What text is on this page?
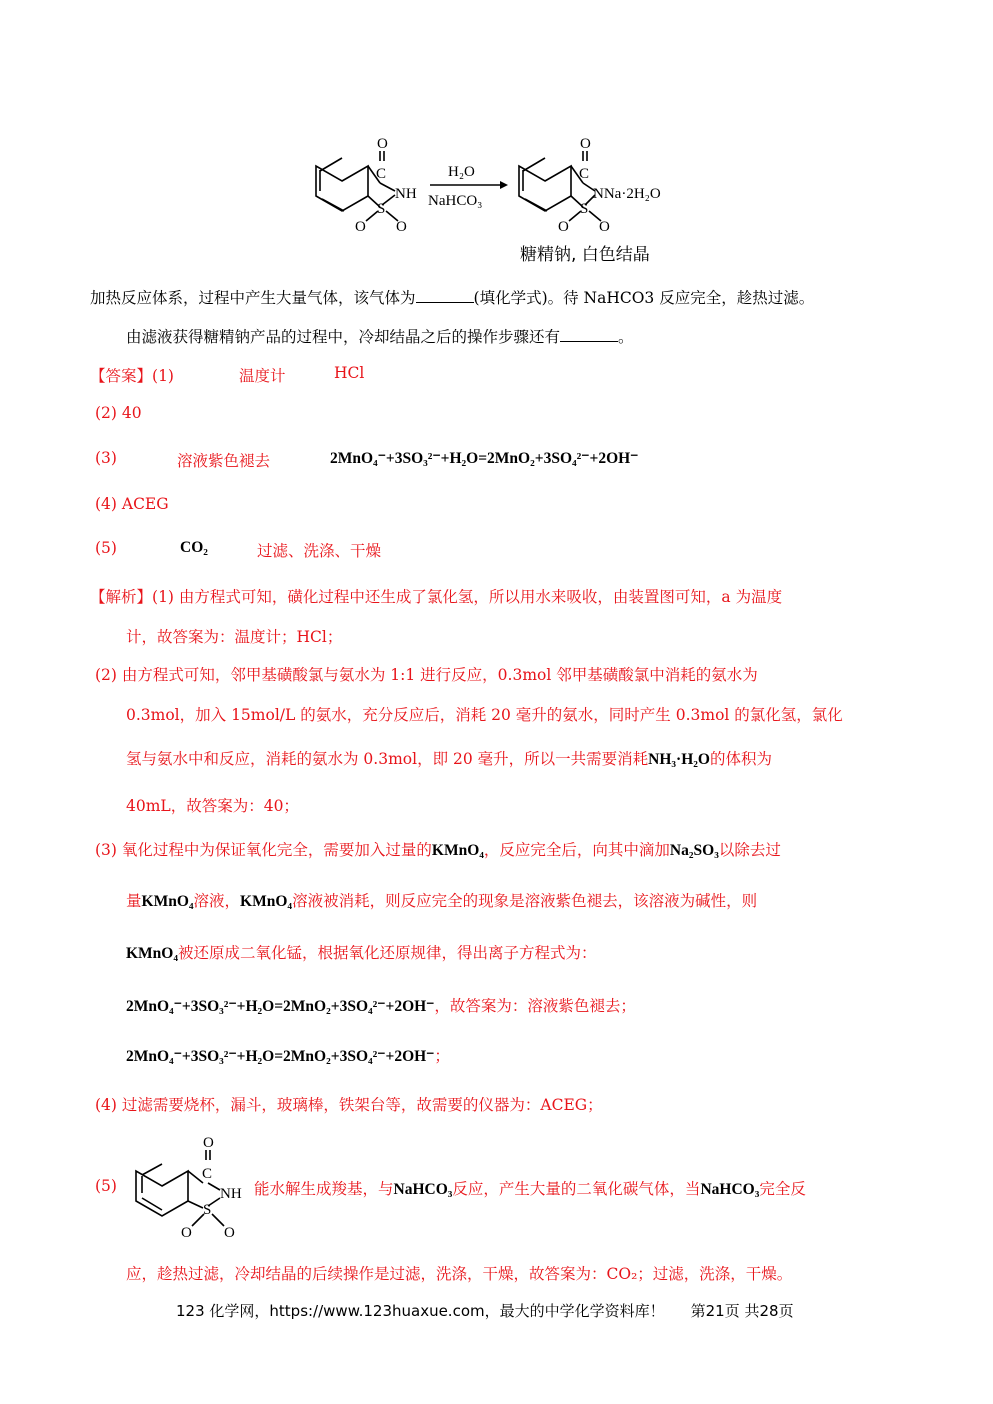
O
C
NH
S
O O
H₂O
NaHCO₃
O
C
NNa·2H₂O
S
O O
糖精钠, 白色结晶
加热反应体系，过程中产生大量气体，该气体为	(填化学式)。待 NaHCO3 反应完全，趁热过滤。
由滤液获得糖精钠产品的过程中，冷却结晶之后的操作步骤还有	。
【答案】(1)	温度计	HCl
(2) 40
(3)	溶液紫色褪去	2MnO₄⁻+3SO₃²⁻+H₂O=2MnO₂+3SO₄²⁻+2OH⁻
(4) ACEG
(5)	CO₂	过滤、洗涤、干燥
【解析】(1) 由方程式可知，磺化过程中还生成了氯化氢，所以用水来吸收，由装置图可知，a 为温度
计，故答案为：温度计；HCl；
(2) 由方程式可知，邻甲基磺酸氯与氨水为 1:1 进行反应，0.3mol 邻甲基磺酸氯中消耗的氨水为
0.3mol，加入 15mol/L 的氨水，充分反应后，消耗 20 毫升的氨水，同时产生 0.3mol 的氯化氢，氯化
氢与氨水中和反应，消耗的氨水为 0.3mol，即 20 毫升，所以一共需要消耗NH₃·H₂O的体积为
40mL，故答案为：40；
(3) 氧化过程中为保证氧化完全，需要加入过量的KMnO₄，反应完全后，向其中滴加Na₂SO₃以除去过
量KMnO₄溶液，KMnO₄溶液被消耗，则反应完全的现象是溶液紫色褪去，该溶液为碱性，则
KMnO₄被还原成二氧化锰，根据氧化还原规律，得出离子方程式为：
2MnO₄⁻+3SO₃²⁻+H₂O=2MnO₂+3SO₄²⁻+2OH⁻，故答案为：溶液紫色褪去；
2MnO₄⁻+3SO₃²⁻+H₂O=2MnO₂+3SO₄²⁻+2OH⁻；
(4) 过滤需要烧杯，漏斗，玻璃棒，铁架台等，故需要的仪器为：ACEG；
(5)
O
C
NH
S
O O
能水解生成羧基，与NaHCO₃反应，产生大量的二氧化碳气体，当NaHCO₃完全反
应，趁热过滤，冷却结晶的后续操作是过滤，洗涤，干燥，故答案为：CO₂；过滤，洗涤，干燥。
123 化学网，https://www.123huaxue.com，最大的中学化学资料库！ 第21页 共28页
